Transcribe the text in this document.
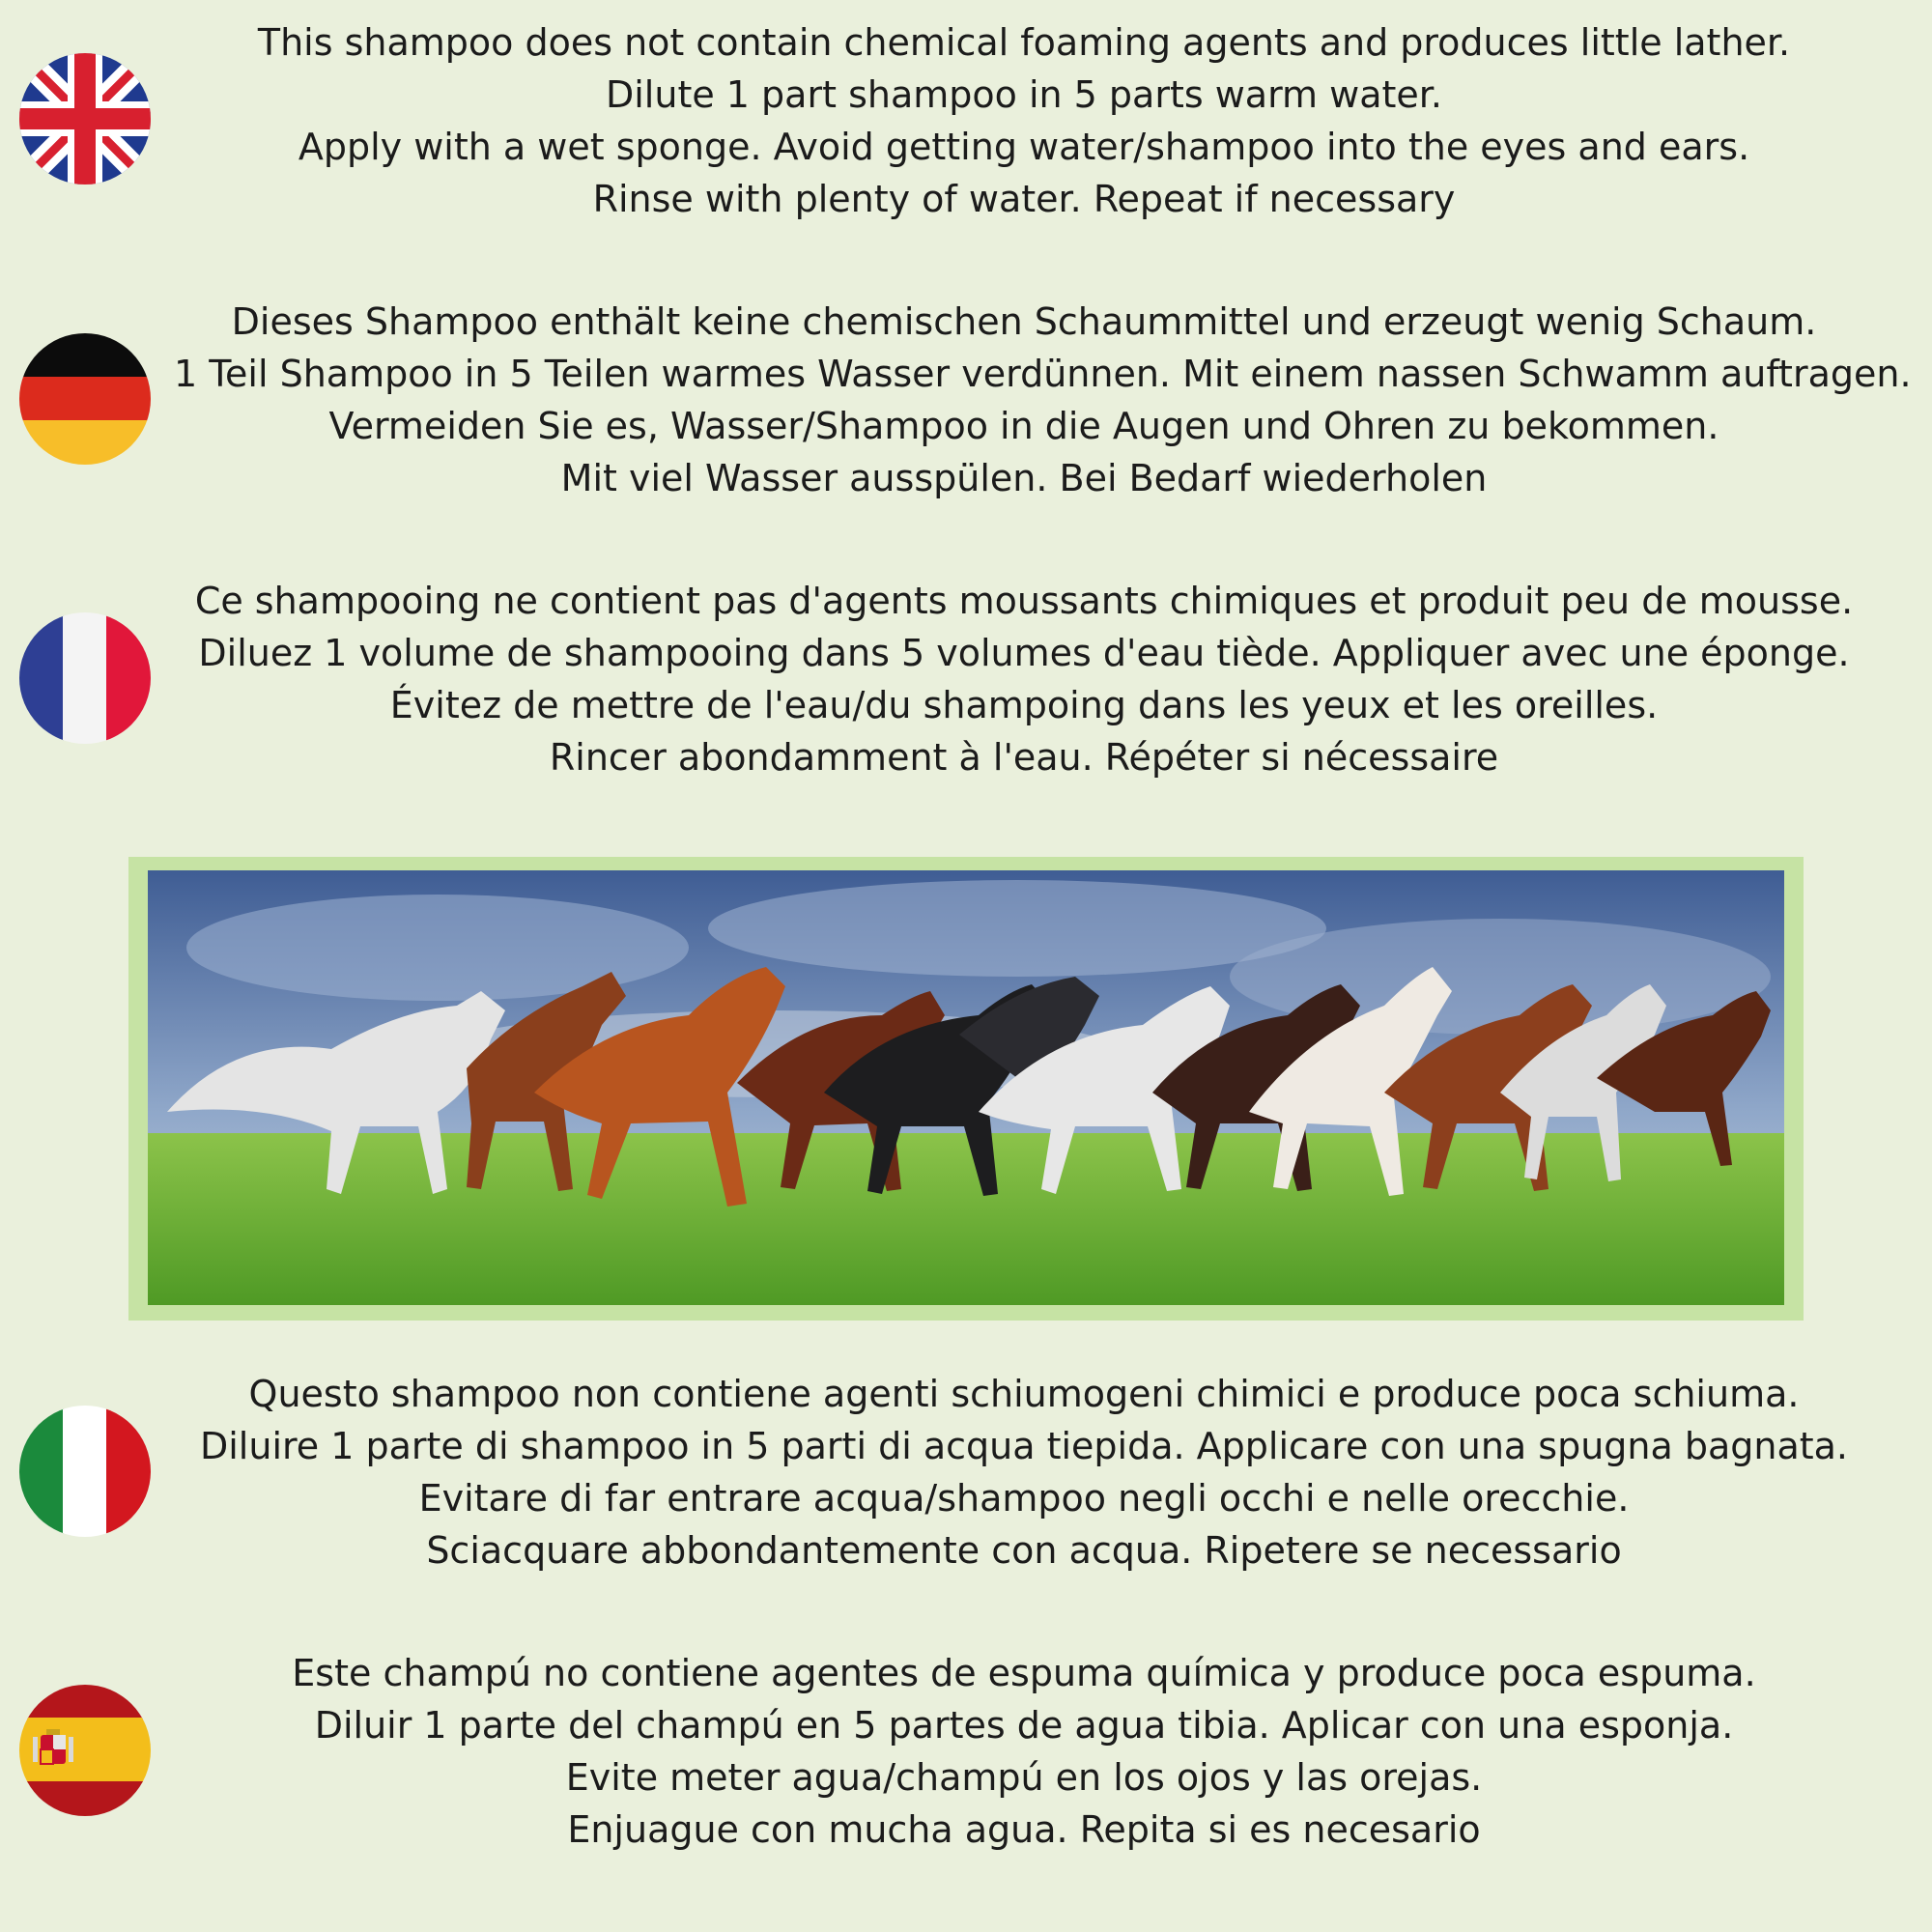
This shampoo does not contain chemical foaming agents and produces little lather.
Dilute 1 part shampoo in 5 parts warm water.
Apply with a wet sponge. Avoid getting water/shampoo into the eyes and ears.
Rinse with plenty of water. Repeat if necessary
Dieses Shampoo enthält keine chemischen Schaummittel und erzeugt wenig Schaum.
1 Teil Shampoo in 5 Teilen warmes Wasser verdünnen. Mit einem nassen Schwamm auftragen.
Vermeiden Sie es, Wasser/Shampoo in die Augen und Ohren zu bekommen.
Mit viel Wasser ausspülen. Bei Bedarf wiederholen
Ce shampooing ne contient pas d'agents moussants chimiques et produit peu de mousse.
Diluez 1 volume de shampooing dans 5 volumes d'eau tiède. Appliquer avec une éponge.
Évitez de mettre de l'eau/du shampoing dans les yeux et les oreilles.
Rincer abondamment à l'eau. Répéter si nécessaire
Questo shampoo non contiene agenti schiumogeni chimici e produce poca schiuma.
Diluire 1 parte di shampoo in 5 parti di acqua tiepida. Applicare con una spugna bagnata.
Evitare di far entrare acqua/shampoo negli occhi e nelle orecchie.
Sciacquare abbondantemente con acqua. Ripetere se necessario
Este champú no contiene agentes de espuma química y produce poca espuma.
Diluir 1 parte del champú en 5 partes de agua tibia. Aplicar con una esponja.
Evite meter agua/champú en los ojos y las orejas.
Enjuague con mucha agua. Repita si es necesario
